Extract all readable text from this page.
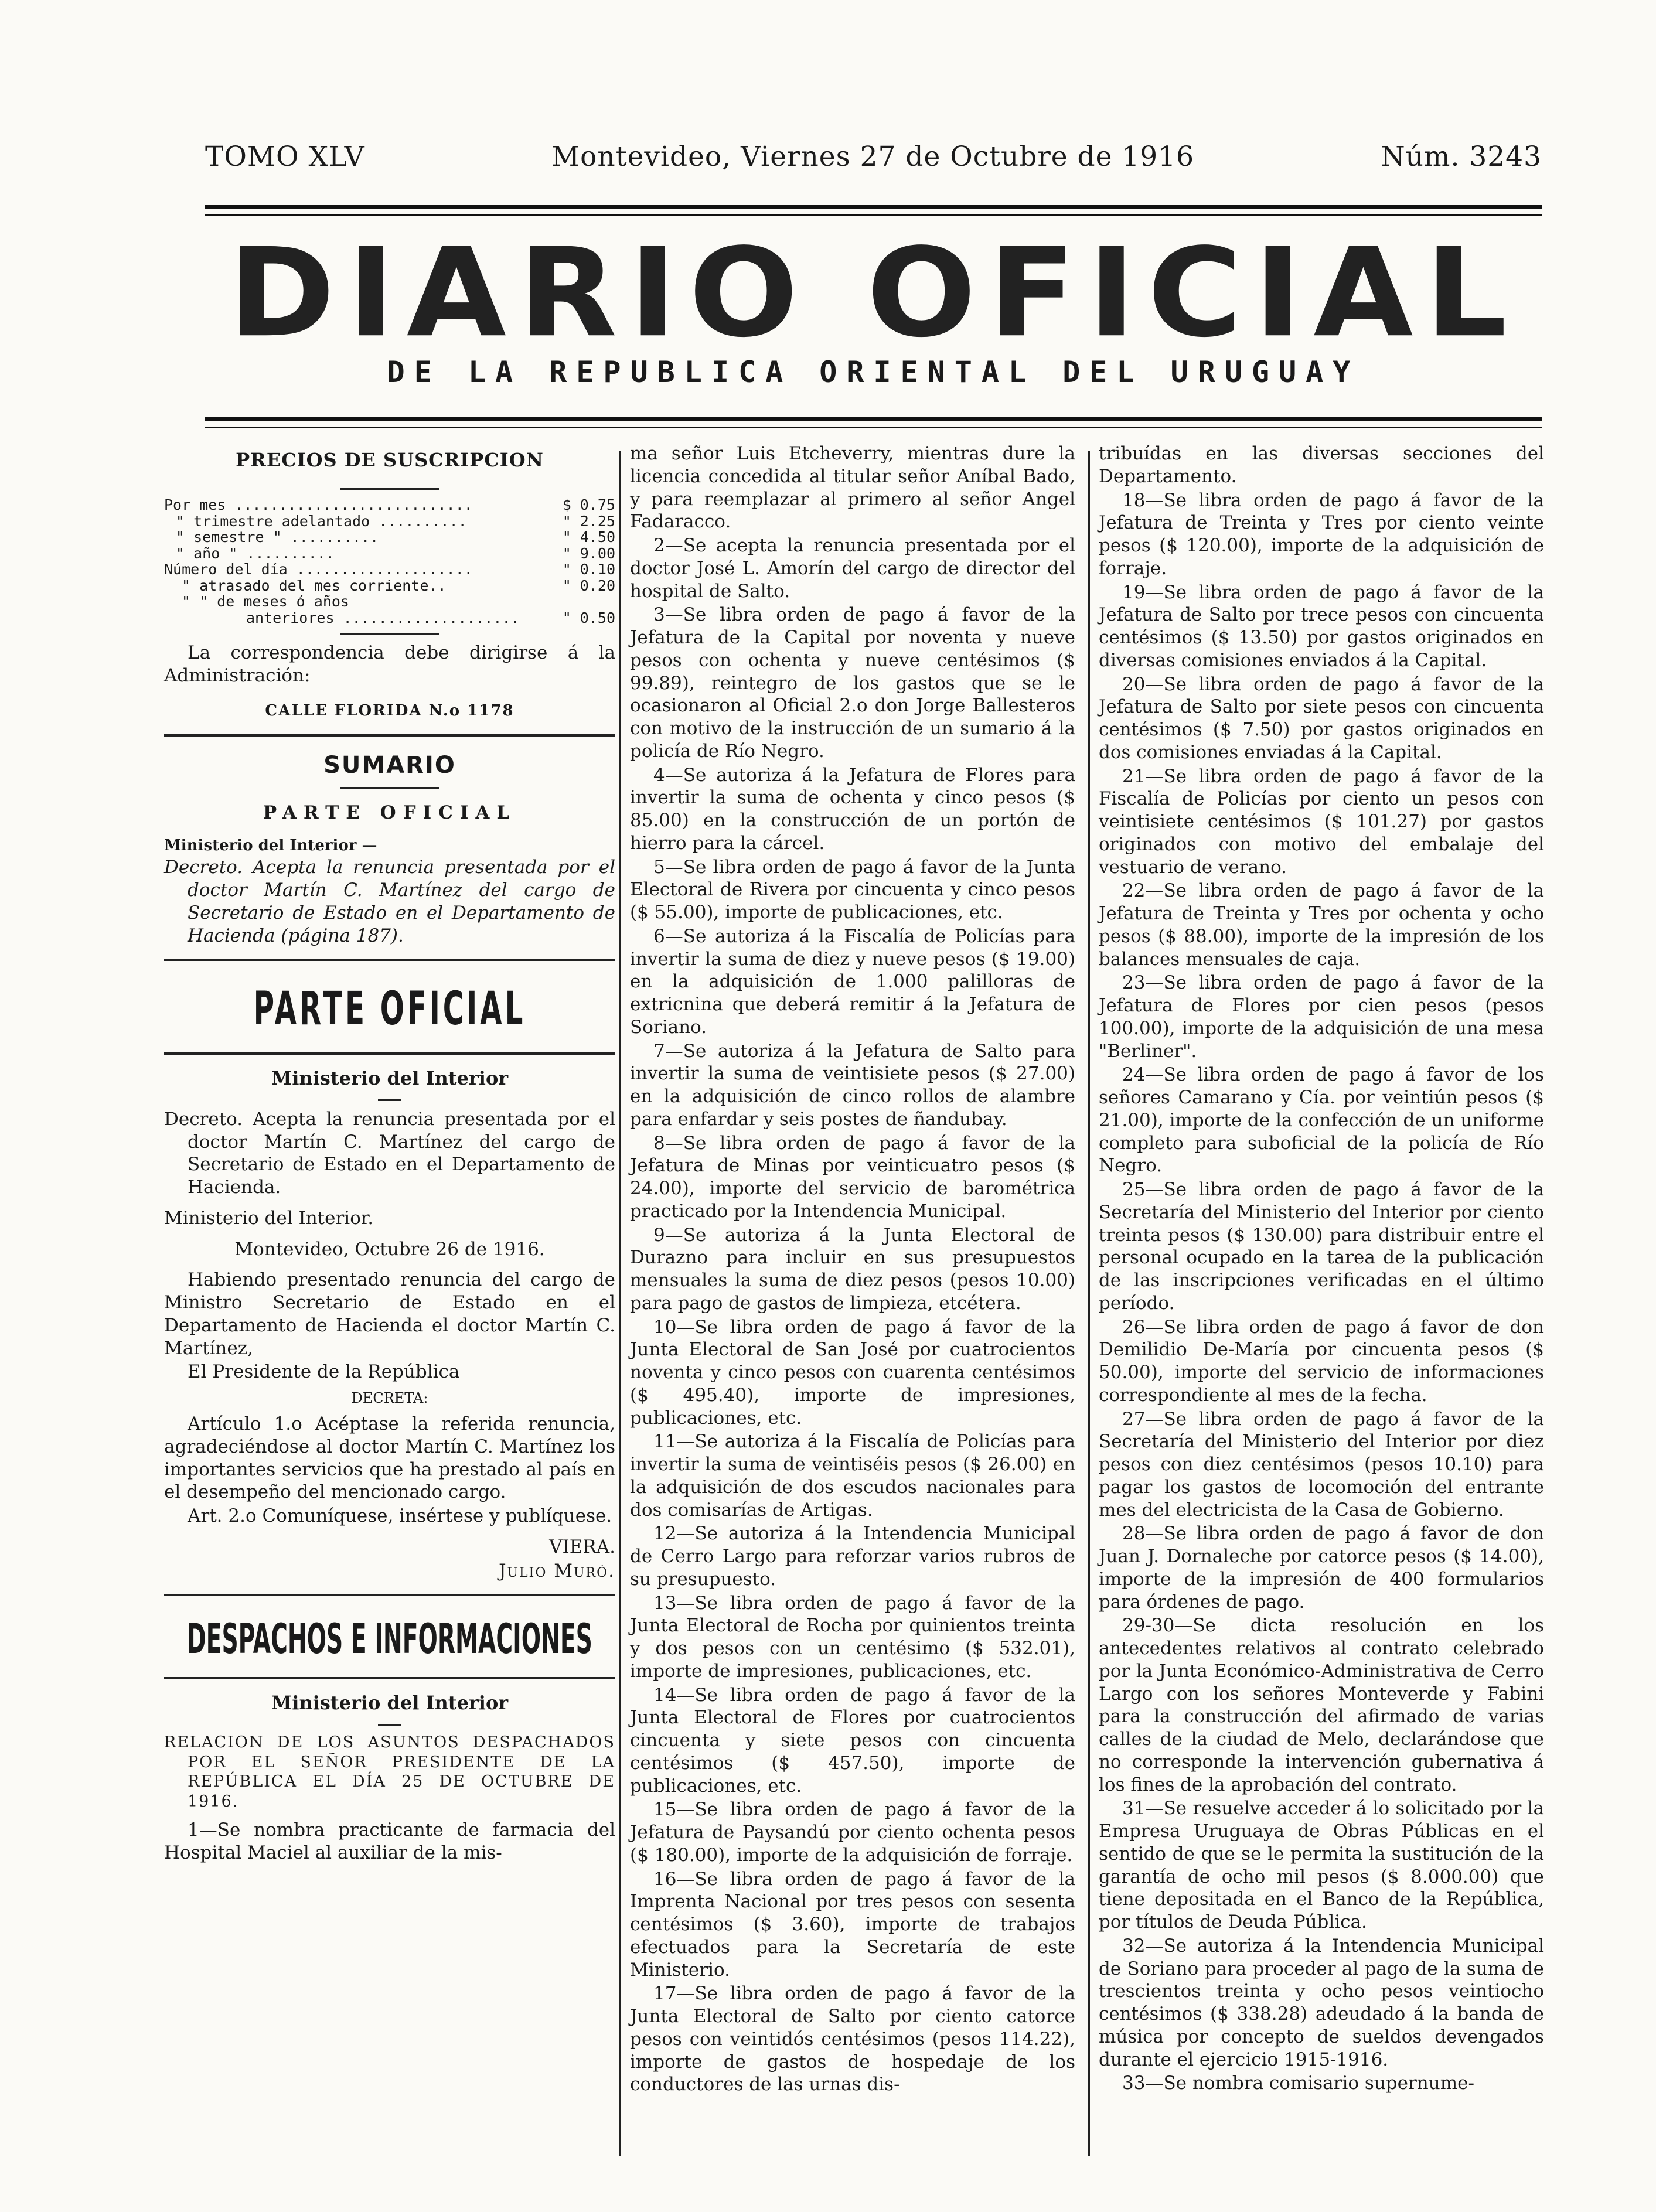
TOMO XLV	Montevideo, Viernes 27 de Octubre de 1916	Núm. 3243
DIARIO OFICIAL
DE LA REPUBLICA ORIENTAL DEL URUGUAY
PRECIOS DE SUSCRIPCION
Por mes ...........................	$ 0.75
" trimestre adelantado ..........	" 2.25
" semestre " ..........	" 4.50
" año " ..........	" 9.00
Número del día ....................	" 0.10
" atrasado del mes corriente..	" 0.20
" " de meses ó años	
anteriores ....................	" 0.50

La correspondencia debe dirigirse á la Administración:

CALLE FLORIDA N.o 1178
SUMARIO
PARTE OFICIAL

Ministerio del Interior —

Decreto. Acepta la renuncia presentada por el doctor Martín C. Martínez del cargo de Secretario de Estado en el Departamento de Hacienda (página 187).

PARTE OFICIAL
Ministerio del Interior

Decreto. Acepta la renuncia presentada por el doctor Martín C. Martínez del cargo de Secretario de Estado en el Departamento de Hacienda.

Ministerio del Interior.

Montevideo, Octubre 26 de 1916.

Habiendo presentado renuncia del cargo de Ministro Secretario de Estado en el Departamento de Hacienda el doctor Martín C. Martínez,

El Presidente de la República

DECRETA:

Artículo 1.o Acéptase la referida renuncia, agradeciéndose al doctor Martín C. Martínez los importantes servicios que ha prestado al país en el desempeño del mencionado cargo.

Art. 2.o Comuníquese, insértese y publíquese.

VIERA.

Julio Muró.

DESPACHOS E INFORMACIONES
Ministerio del Interior

RELACION DE LOS ASUNTOS DESPACHADOS POR EL SEÑOR PRESIDENTE DE LA REPÚBLICA EL DÍA 25 DE OCTUBRE DE 1916.

1—Se nombra practicante de farmacia del Hospital Maciel al auxiliar de la mis-

ma señor Luis Etcheverry, mientras dure la licencia concedida al titular señor Aníbal Bado, y para reemplazar al primero al señor Angel Fadaracco.

2—Se acepta la renuncia presentada por el doctor José L. Amorín del cargo de director del hospital de Salto.

3—Se libra orden de pago á favor de la Jefatura de la Capital por noventa y nueve pesos con ochenta y nueve centésimos ($ 99.89), reintegro de los gastos que se le ocasionaron al Oficial 2.o don Jorge Ballesteros con motivo de la instrucción de un sumario á la policía de Río Negro.

4—Se autoriza á la Jefatura de Flores para invertir la suma de ochenta y cinco pesos ($ 85.00) en la construcción de un portón de hierro para la cárcel.

5—Se libra orden de pago á favor de la Junta Electoral de Rivera por cincuenta y cinco pesos ($ 55.00), importe de publicaciones, etc.

6—Se autoriza á la Fiscalía de Policías para invertir la suma de diez y nueve pesos ($ 19.00) en la adquisición de 1.000 palilloras de extricnina que deberá remitir á la Jefatura de Soriano.

7—Se autoriza á la Jefatura de Salto para invertir la suma de veintisiete pesos ($ 27.00) en la adquisición de cinco rollos de alambre para enfardar y seis postes de ñandubay.

8—Se libra orden de pago á favor de la Jefatura de Minas por veinticuatro pesos ($ 24.00), importe del servicio de barométrica practicado por la Intendencia Municipal.

9—Se autoriza á la Junta Electoral de Durazno para incluir en sus presupuestos mensuales la suma de diez pesos (pesos 10.00) para pago de gastos de limpieza, etcétera.

10—Se libra orden de pago á favor de la Junta Electoral de San José por cuatrocientos noventa y cinco pesos con cuarenta centésimos ($ 495.40), importe de impresiones, publicaciones, etc.

11—Se autoriza á la Fiscalía de Policías para invertir la suma de veintiséis pesos ($ 26.00) en la adquisición de dos escudos nacionales para dos comisarías de Artigas.

12—Se autoriza á la Intendencia Municipal de Cerro Largo para reforzar varios rubros de su presupuesto.

13—Se libra orden de pago á favor de la Junta Electoral de Rocha por quinientos treinta y dos pesos con un centésimo ($ 532.01), importe de impresiones, publicaciones, etc.

14—Se libra orden de pago á favor de la Junta Electoral de Flores por cuatrocientos cincuenta y siete pesos con cincuenta centésimos ($ 457.50), importe de publicaciones, etc.

15—Se libra orden de pago á favor de la Jefatura de Paysandú por ciento ochenta pesos ($ 180.00), importe de la adquisición de forraje.

16—Se libra orden de pago á favor de la Imprenta Nacional por tres pesos con sesenta centésimos ($ 3.60), importe de trabajos efectuados para la Secretaría de este Ministerio.

17—Se libra orden de pago á favor de la Junta Electoral de Salto por ciento catorce pesos con veintidós centésimos (pesos 114.22), importe de gastos de hospedaje de los conductores de las urnas dis-

tribuídas en las diversas secciones del Departamento.

18—Se libra orden de pago á favor de la Jefatura de Treinta y Tres por ciento veinte pesos ($ 120.00), importe de la adquisición de forraje.

19—Se libra orden de pago á favor de la Jefatura de Salto por trece pesos con cincuenta centésimos ($ 13.50) por gastos originados en diversas comisiones enviados á la Capital.

20—Se libra orden de pago á favor de la Jefatura de Salto por siete pesos con cincuenta centésimos ($ 7.50) por gastos originados en dos comisiones enviadas á la Capital.

21—Se libra orden de pago á favor de la Fiscalía de Policías por ciento un pesos con veintisiete centésimos ($ 101.27) por gastos originados con motivo del embalaje del vestuario de verano.

22—Se libra orden de pago á favor de la Jefatura de Treinta y Tres por ochenta y ocho pesos ($ 88.00), importe de la impresión de los balances mensuales de caja.

23—Se libra orden de pago á favor de la Jefatura de Flores por cien pesos (pesos 100.00), importe de la adquisición de una mesa "Berliner".

24—Se libra orden de pago á favor de los señores Camarano y Cía. por veintiún pesos ($ 21.00), importe de la confección de un uniforme completo para suboficial de la policía de Río Negro.

25—Se libra orden de pago á favor de la Secretaría del Ministerio del Interior por ciento treinta pesos ($ 130.00) para distribuir entre el personal ocupado en la tarea de la publicación de las inscripciones verificadas en el último período.

26—Se libra orden de pago á favor de don Demilidio De-María por cincuenta pesos ($ 50.00), importe del servicio de informaciones correspondiente al mes de la fecha.

27—Se libra orden de pago á favor de la Secretaría del Ministerio del Interior por diez pesos con diez centésimos (pesos 10.10) para pagar los gastos de locomoción del entrante mes del electricista de la Casa de Gobierno.

28—Se libra orden de pago á favor de don Juan J. Dornaleche por catorce pesos ($ 14.00), importe de la impresión de 400 formularios para órdenes de pago.

29-30—Se dicta resolución en los antecedentes relativos al contrato celebrado por la Junta Económico-Administrativa de Cerro Largo con los señores Monteverde y Fabini para la construcción del afirmado de varias calles de la ciudad de Melo, declarándose que no corresponde la intervención gubernativa á los fines de la aprobación del contrato.

31—Se resuelve acceder á lo solicitado por la Empresa Uruguaya de Obras Públicas en el sentido de que se le permita la sustitución de la garantía de ocho mil pesos ($ 8.000.00) que tiene depositada en el Banco de la República, por títulos de Deuda Pública.

32—Se autoriza á la Intendencia Municipal de Soriano para proceder al pago de la suma de trescientos treinta y ocho pesos veintiocho centésimos ($ 338.28) adeudado á la banda de música por concepto de sueldos devengados durante el ejercicio 1915-1916.

33—Se nombra comisario supernume-
